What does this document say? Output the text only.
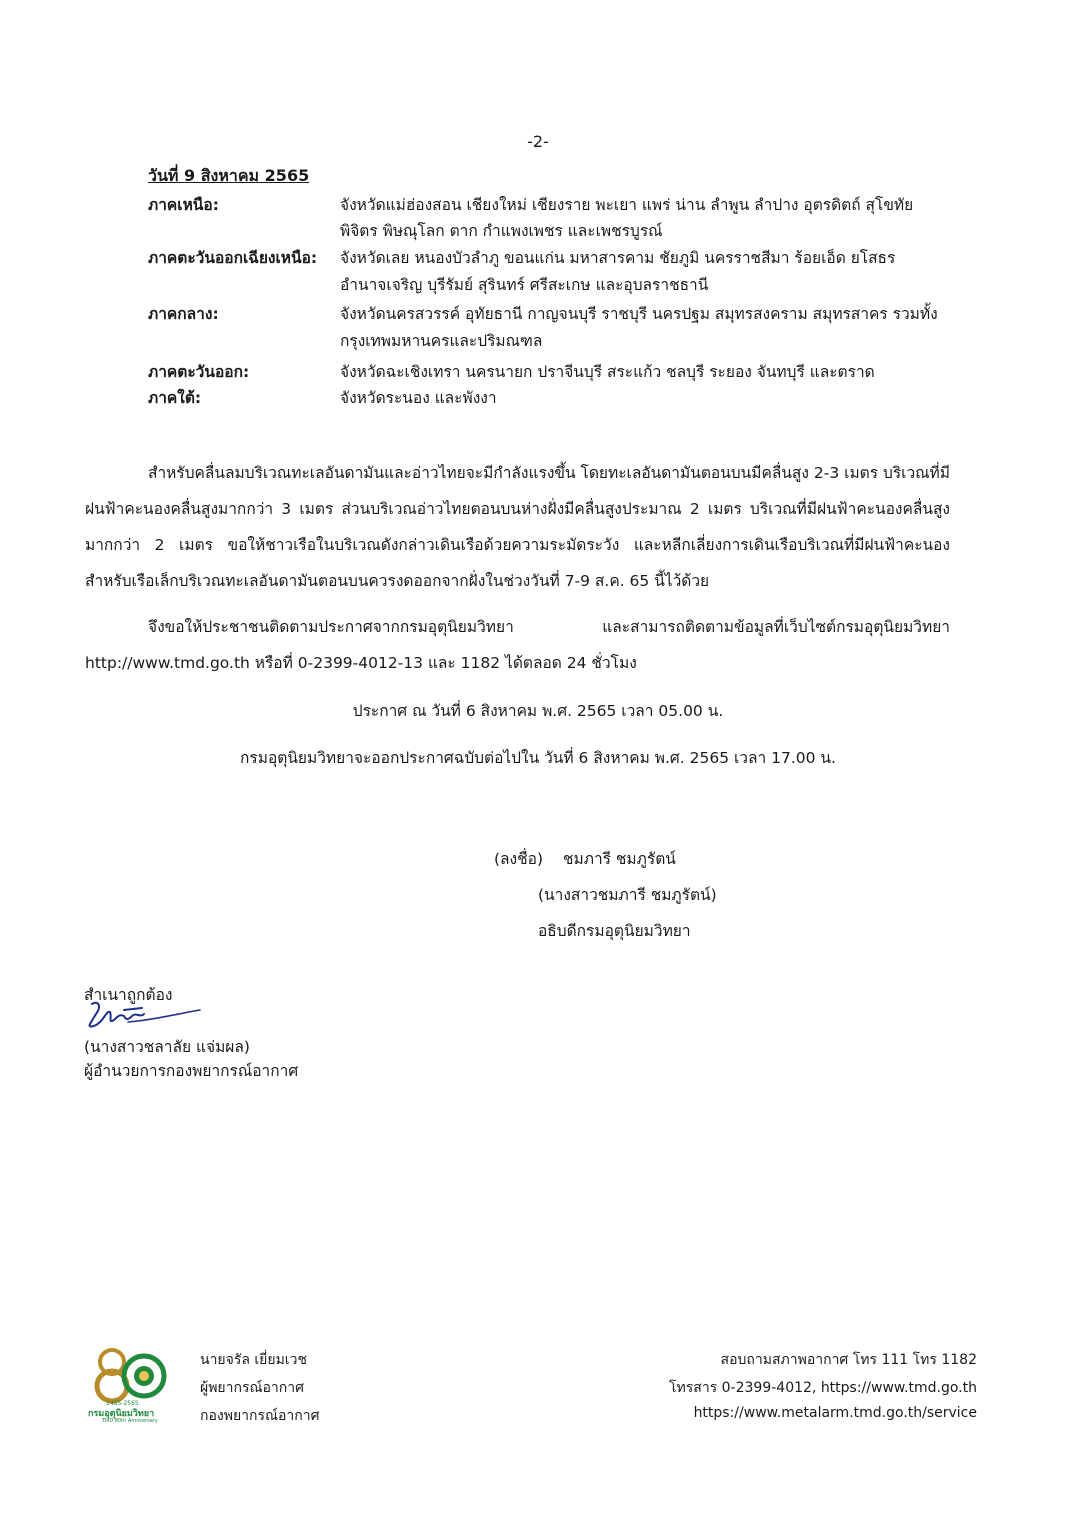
-2-
วันที่ 9 สิงหาคม 2565
ภาคเหนือ:	จังหวัดแม่ฮ่องสอน เชียงใหม่ เชียงราย พะเยา แพร่ น่าน ลำพูน ลำปาง อุตรดิตถ์ สุโขทัย
พิจิตร พิษณุโลก ตาก กำแพงเพชร และเพชรบูรณ์
ภาคตะวันออกเฉียงเหนือ: จังหวัดเลย หนองบัวลำภู ขอนแก่น มหาสารคาม ชัยภูมิ นครราชสีมา ร้อยเอ็ด ยโสธร
อำนาจเจริญ บุรีรัมย์ สุรินทร์ ศรีสะเกษ และอุบลราชธานี
ภาคกลาง:	จังหวัดนครสวรรค์ อุทัยธานี กาญจนบุรี ราชบุรี นครปฐม สมุทรสงคราม สมุทรสาคร รวมทั้ง
กรุงเทพมหานครและปริมณฑล
ภาคตะวันออก:	จังหวัดฉะเชิงเทรา นครนายก ปราจีนบุรี สระแก้ว ชลบุรี ระยอง จันทบุรี และตราด
ภาคใต้:	จังหวัดระนอง และพังงา
สำหรับคลื่นลมบริเวณทะเลอันดามันและอ่าวไทยจะมีกำลังแรงขึ้น โดยทะเลอันดามันตอนบนมีคลื่นสูง 2-3 เมตร บริเวณที่มีฝนฟ้าคะนองคลื่นสูงมากกว่า 3 เมตร ส่วนบริเวณอ่าวไทยตอนบนห่างฝั่งมีคลื่นสูงประมาณ 2 เมตร บริเวณที่มีฝนฟ้าคะนองคลื่นสูงมากกว่า 2 เมตร ขอให้ชาวเรือในบริเวณดังกล่าวเดินเรือด้วยความระมัดระวัง และหลีกเลี่ยงการเดินเรือบริเวณที่มีฝนฟ้าคะนอง สำหรับเรือเล็กบริเวณทะเลอันดามันตอนบนควรงดออกจากฝั่งในช่วงวันที่ 7-9 ส.ค. 65 นี้ไว้ด้วย
จึงขอให้ประชาชนติดตามประกาศจากกรมอุตุนิยมวิทยา และสามารถติดตามข้อมูลที่เว็บไซต์กรมอุตุนิยมวิทยา http://www.tmd.go.th หรือที่ 0-2399-4012-13 และ 1182 ได้ตลอด 24 ชั่วโมง
ประกาศ ณ วันที่ 6 สิงหาคม พ.ศ. 2565 เวลา 05.00 น.
กรมอุตุนิยมวิทยาจะออกประกาศฉบับต่อไปใน วันที่ 6 สิงหาคม พ.ศ. 2565 เวลา 17.00 น.
(ลงชื่อ) ชมภารี ชมภูรัตน์
(นางสาวชมภารี ชมภูรัตน์)
อธิบดีกรมอุตุนิยมวิทยา
สำเนาถูกต้อง
(นางสาวชลาลัย แจ่มผล)
ผู้อำนวยการกองพยากรณ์อากาศ
2485-2565
กรมอุตุนิยมวิทยา
TMD 80th Anniversary
นายจรัล เยี่ยมเวช
ผู้พยากรณ์อากาศ
กองพยากรณ์อากาศ
สอบถามสภาพอากาศ โทร 111 โทร 1182
โทรสาร 0-2399-4012, https://www.tmd.go.th
https://www.metalarm.tmd.go.th/service
